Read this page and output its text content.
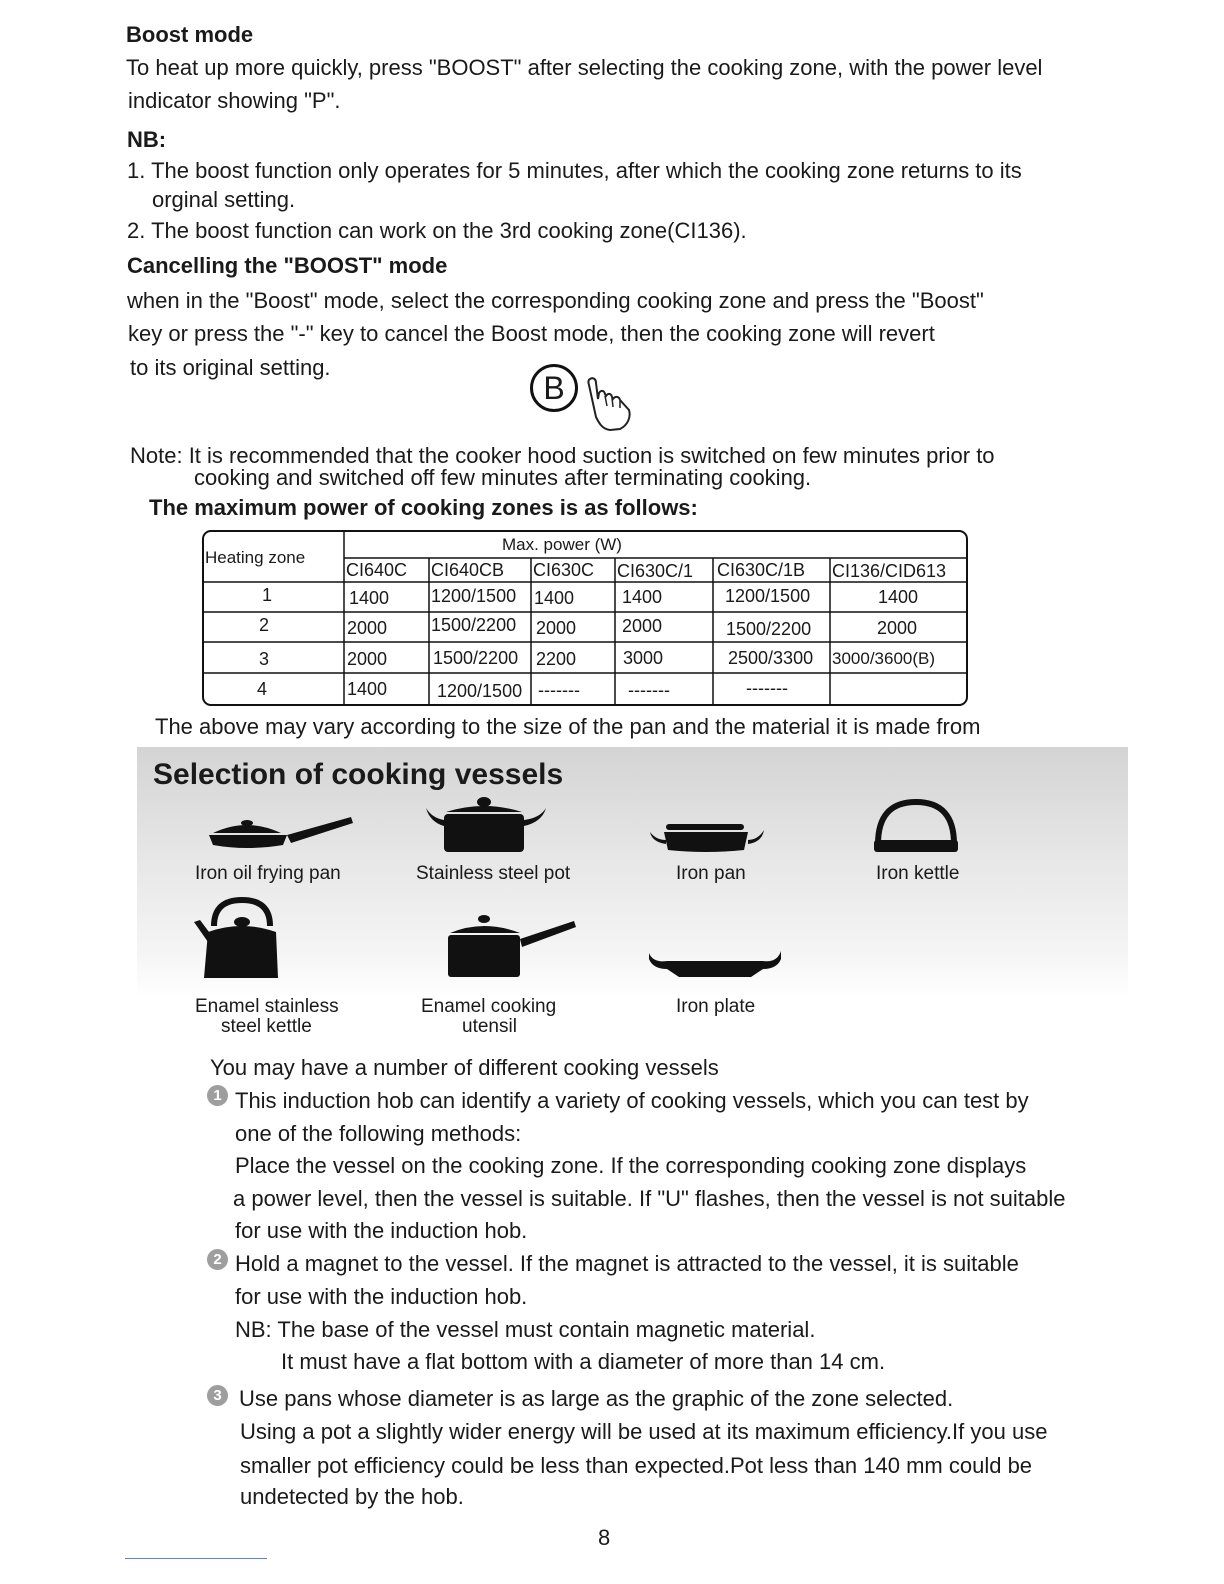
Boost mode
To heat up more quickly, press "BOOST" after selecting the cooking zone, with the power level
indicator showing "P".
NB:
1. The boost function only operates for 5 minutes, after which the cooking zone returns to its
orginal setting.
2. The boost function can work on the 3rd cooking zone(CI136).
Cancelling the "BOOST" mode
when in the "Boost" mode, select the corresponding cooking zone and press the "Boost"
key or press the "-" key to cancel the Boost mode, then the cooking zone will revert
to its original setting.
B
Note: It is recommended that the cooker hood suction is switched on few minutes prior to
cooking and switched off few minutes after terminating cooking.
The maximum power of cooking zones is as follows:
Heating zone
Max. power (W)
CI640C CI640CB CI630C CI630C/1 CI630C/1B CI136/CID613
1	1400 1200/1500 1400	1400	1200/1500	1400
2	2000 1500/2200 2000	2000	1500/2200	2000
3	2000	1500/2200 2200	3000	2500/3300 3000/3600(B)
4	1400	1200/1500 -------	-------	-------
The above may vary according to the size of the pan and the material it is made from
Selection of cooking vessels
Iron oil frying pan	Stainless steel pot	Iron pan	Iron kettle
Enamel stainless
steel kettle
Enamel cooking
utensil
Iron plate
You may have a number of different cooking vessels
1 This induction hob can identify a variety of cooking vessels, which you can test by
one of the following methods:
Place the vessel on the cooking zone. If the corresponding cooking zone displays
a power level, then the vessel is suitable. If "U" flashes, then the vessel is not suitable
for use with the induction hob.
2 Hold a magnet to the vessel. If the magnet is attracted to the vessel, it is suitable
for use with the induction hob.
NB: The base of the vessel must contain magnetic material.
It must have a flat bottom with a diameter of more than 14 cm.
3 Use pans whose diameter is as large as the graphic of the zone selected.
Using a pot a slightly wider energy will be used at its maximum efficiency.If you use
smaller pot efficiency could be less than expected.Pot less than 140 mm could be
undetected by the hob.
8
